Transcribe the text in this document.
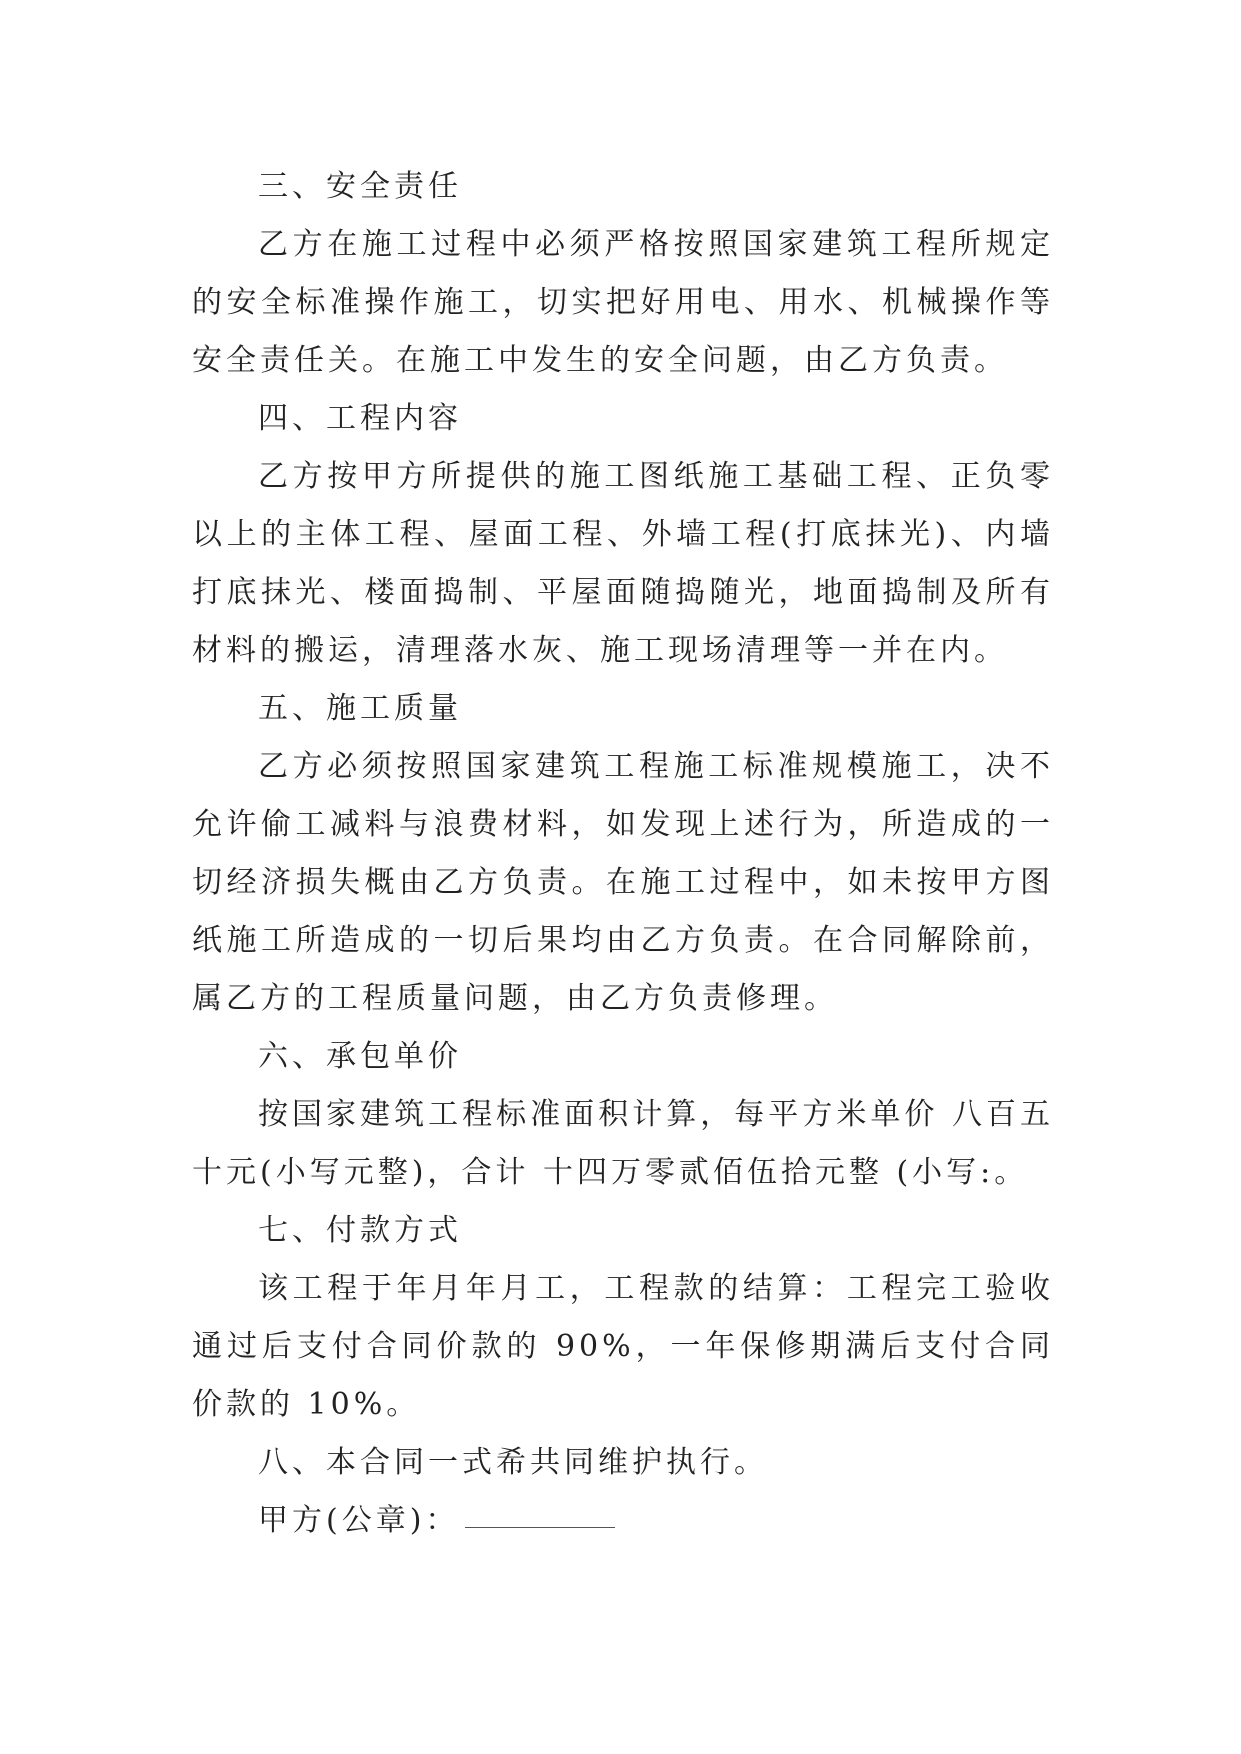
三、安全责任

乙方在施工过程中必须严格按照国家建筑工程所规定的安全标准操作施工，切实把好用电、用水、机械操作等安全责任关。在施工中发生的安全问题，由乙方负责。

四、工程内容

乙方按甲方所提供的施工图纸施工基础工程、正负零以上的主体工程、屋面工程、外墙工程(打底抹光)、内墙打底抹光、楼面捣制、平屋面随捣随光，地面捣制及所有材料的搬运，清理落水灰、施工现场清理等一并在内。

五、施工质量

乙方必须按照国家建筑工程施工标准规模施工，决不允许偷工减料与浪费材料，如发现上述行为，所造成的一切经济损失概由乙方负责。在施工过程中，如未按甲方图纸施工所造成的一切后果均由乙方负责。在合同解除前，属乙方的工程质量问题，由乙方负责修理。

六、承包单价

按国家建筑工程标准面积计算，每平方米单价 八百五十元(小写元整)，合计 十四万零贰佰伍拾元整 (小写:。

七、付款方式

该工程于年月年月工，工程款的结算：工程完工验收通过后支付合同价款的 90%，一年保修期满后支付合同价款的 10%。

八、本合同一式希共同维护执行。

甲方(公章)：
